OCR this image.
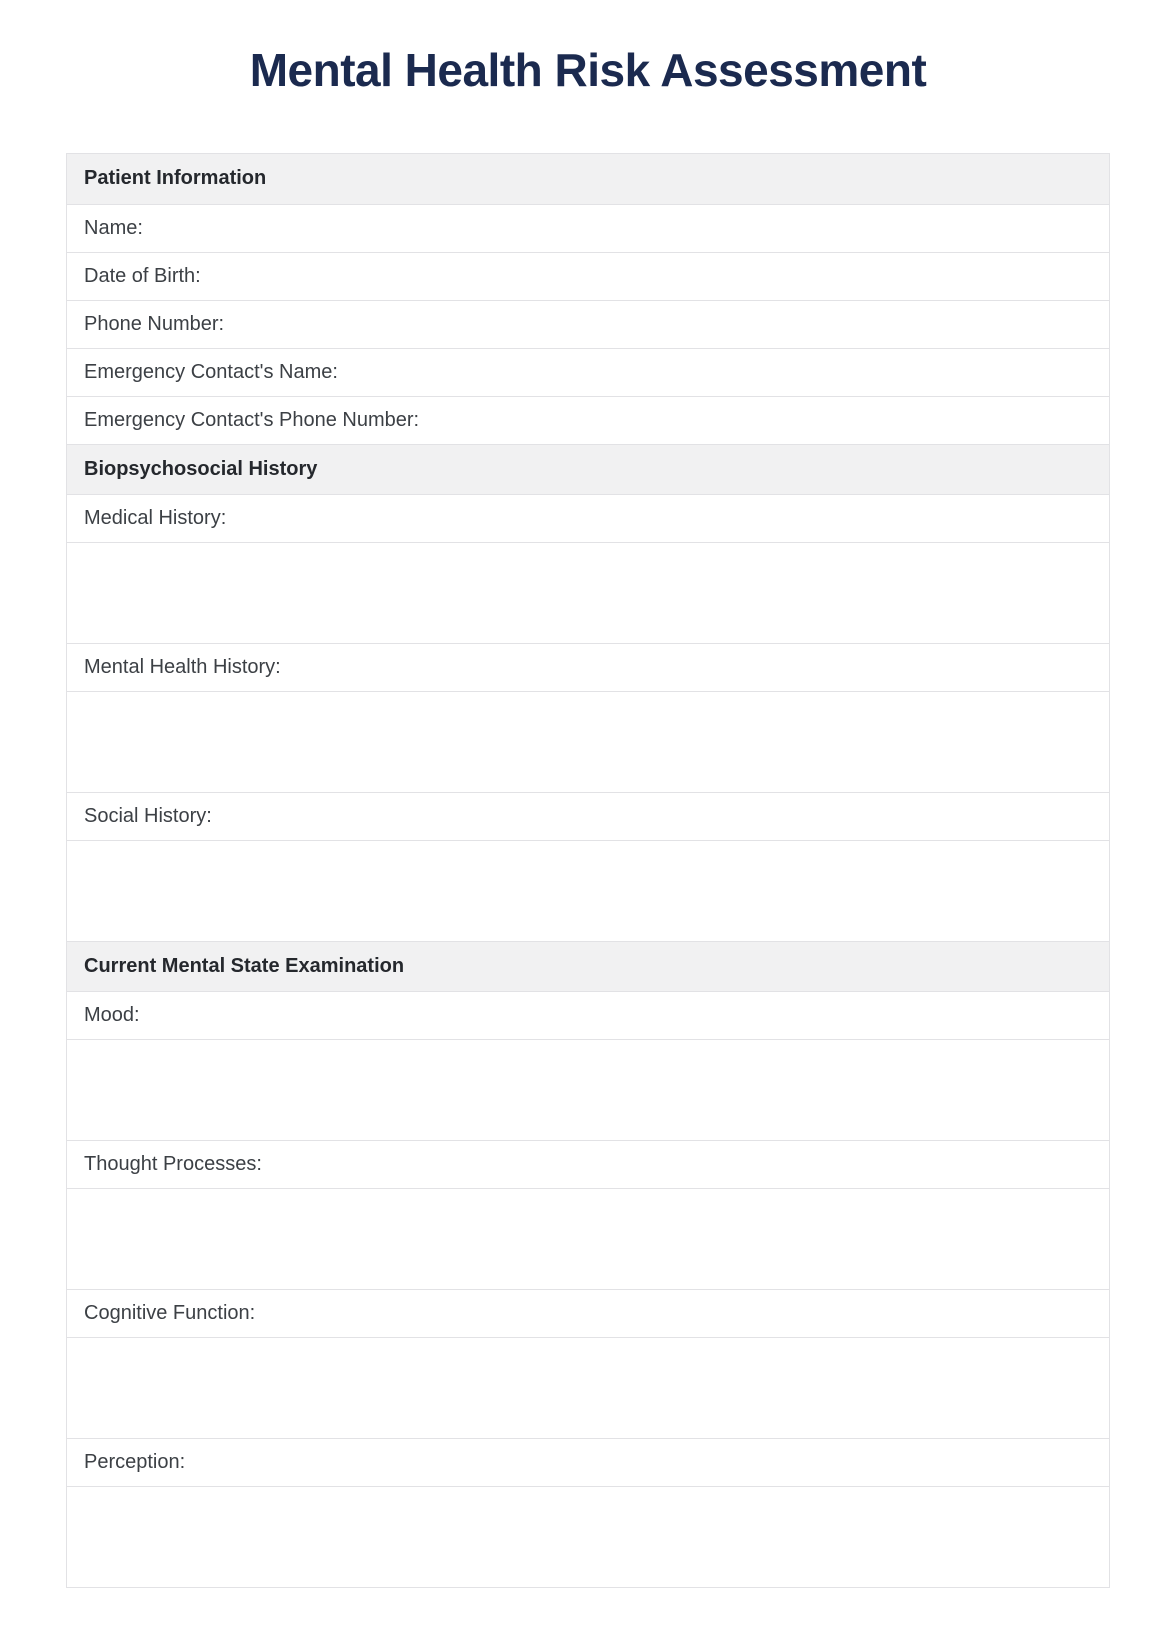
Mental Health Risk Assessment
Patient Information
Name:
Date of Birth:
Phone Number:
Emergency Contact's Name:
Emergency Contact's Phone Number:
Biopsychosocial History
Medical History:
Mental Health History:
Social History:
Current Mental State Examination
Mood:
Thought Processes:
Cognitive Function:
Perception:
